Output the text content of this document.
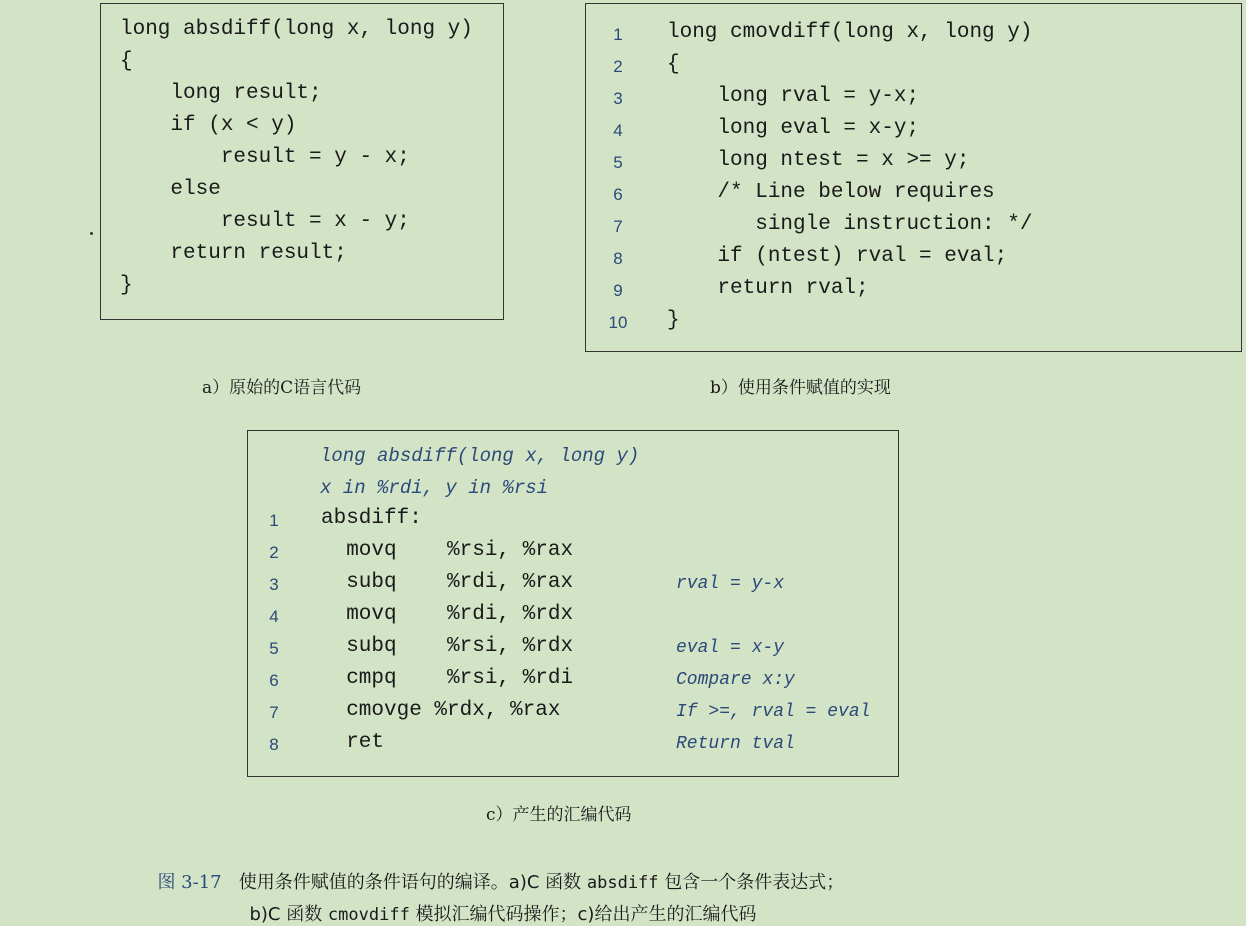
long absdiff(long x, long y)
{
long result;
if (x < y)
result = y - x;
else
result = x - y;
return result;
}
a）原始的C语言代码
1 long cmovdiff(long x, long y)
2 {
3 long rval = y-x;
4 long eval = x-y;
5 long ntest = x >= y;
6 /* Line below requires
7 single instruction: */
8 if (ntest) rval = eval;
9 return rval;
10 }
b）使用条件赋值的实现
long absdiff(long x, long y)
x in %rdi, y in %rsi
1 absdiff:
2 movq    %rsi, %rax
3 subq    %rdi, %rax	rval = y-x
4 movq    %rdi, %rdx
5 subq    %rsi, %rdx	eval = x-y
6 cmpq    %rsi, %rdi	Compare x:y
7 cmovge %rdx, %rax	If >=, rval = eval
8 ret	Return tval
c）产生的汇编代码

图 3-17 使用条件赋值的条件语句的编译。a)C 函数 absdiff 包含一个条件表达式；

b)C 函数 cmovdiff 模拟汇编代码操作；c)给出产生的汇编代码
